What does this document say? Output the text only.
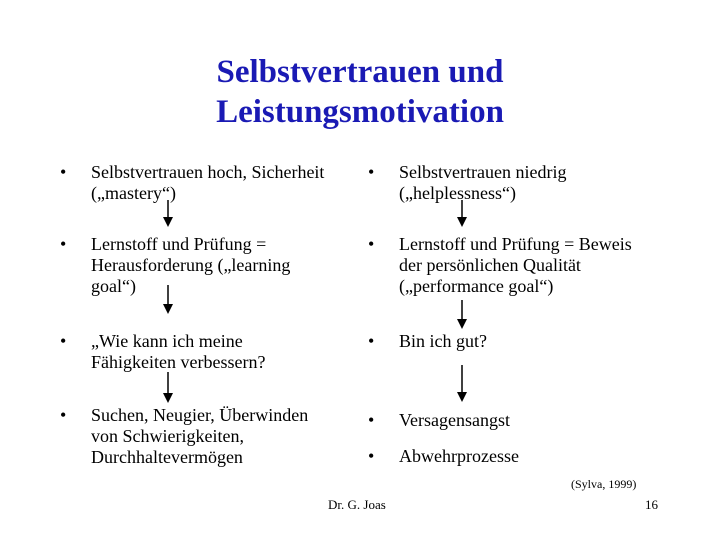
Selbstvertrauen und
Leistungsmotivation
• Selbstvertrauen hoch, Sicherheit
(„mastery“)
• Lernstoff und Prüfung =
Herausforderung („learning
goal“)
• „Wie kann ich meine
Fähigkeiten verbessern?
• Suchen, Neugier, Überwinden
von Schwierigkeiten,
Durchhaltevermögen
• Selbstvertrauen niedrig
(„helplessness“)
• Lernstoff und Prüfung = Beweis
der persönlichen Qualität
(„performance goal“)
• Bin ich gut?
• Versagensangst
• Abwehrprozesse
(Sylva, 1999)
Dr. G. Joas	16
